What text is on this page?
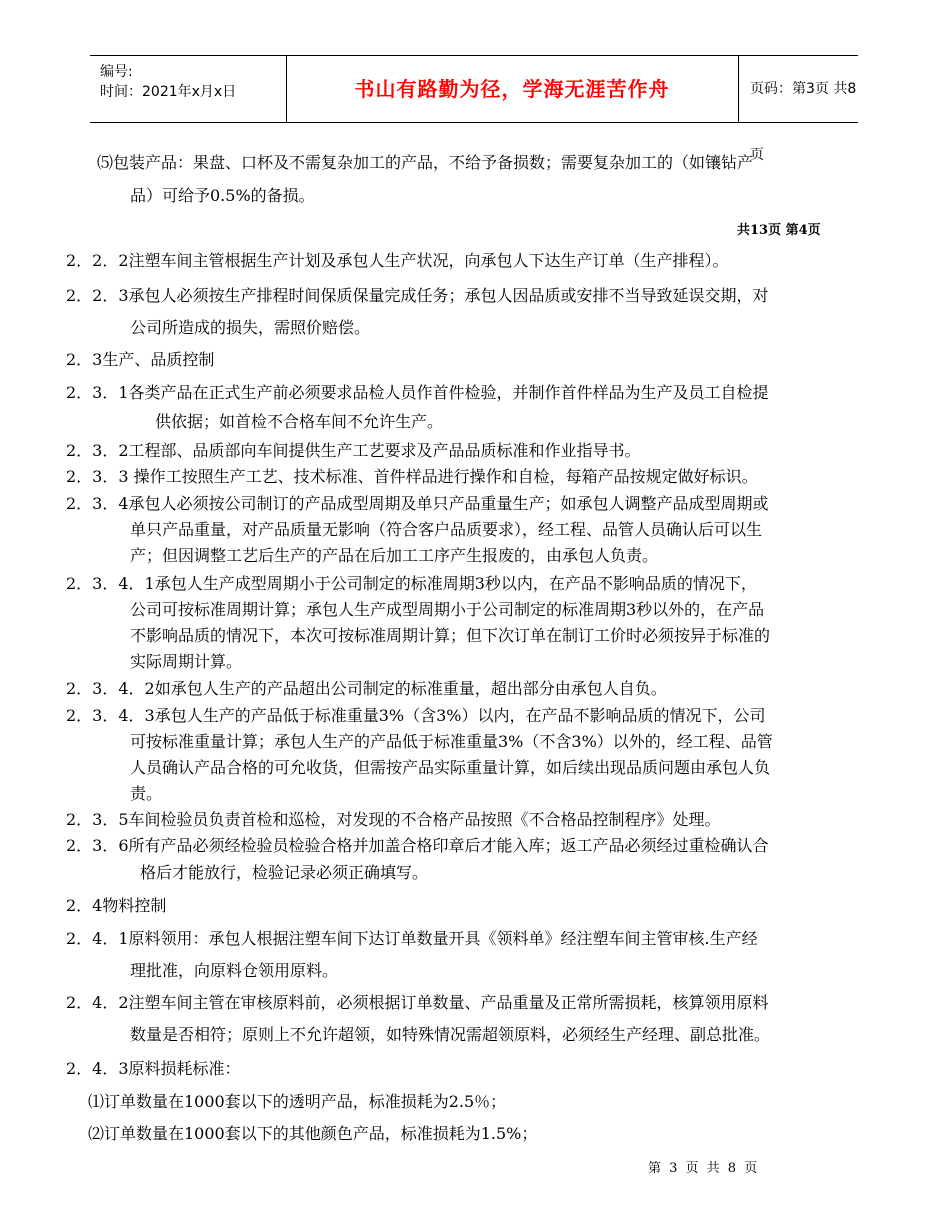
编号:
时间：2021年x月x日	书山有路勤为径，学海无涯苦作舟	页码：第3页 共8页
⑸包装产品：果盘、口杯及不需复杂加工的产品，不给予备损数；需要复杂加工的（如镶钻产
品）可给予0.5%的备损。
共13页 第4页
2．2．2注塑车间主管根据生产计划及承包人生产状况，向承包人下达生产订单（生产排程）。
2．2．3承包人必须按生产排程时间保质保量完成任务；承包人因品质或安排不当导致延误交期，对
公司所造成的损失，需照价赔偿。
2．3生产、品质控制
2．3．1各类产品在正式生产前必须要求品检人员作首件检验，并制作首件样品为生产及员工自检提
供依据；如首检不合格车间不允许生产。
2．3．2工程部、品质部向车间提供生产工艺要求及产品品质标准和作业指导书。
2．3．3 操作工按照生产工艺、技术标准、首件样品进行操作和自检，每箱产品按规定做好标识。
2．3．4承包人必须按公司制订的产品成型周期及单只产品重量生产；如承包人调整产品成型周期或
单只产品重量，对产品质量无影响（符合客户品质要求），经工程、品管人员确认后可以生
产；但因调整工艺后生产的产品在后加工工序产生报废的，由承包人负责。
2．3．4．1承包人生产成型周期小于公司制定的标准周期3秒以内，在产品不影响品质的情况下，
公司可按标准周期计算；承包人生产成型周期小于公司制定的标准周期3秒以外的，在产品
不影响品质的情况下，本次可按标准周期计算；但下次订单在制订工价时必须按异于标准的
实际周期计算。
2．3．4．2如承包人生产的产品超出公司制定的标准重量，超出部分由承包人自负。
2．3．4．3承包人生产的产品低于标准重量3%（含3%）以内，在产品不影响品质的情况下，公司
可按标准重量计算；承包人生产的产品低于标准重量3%（不含3%）以外的，经工程、品管
人员确认产品合格的可允收货，但需按产品实际重量计算，如后续出现品质问题由承包人负
责。
2．3．5车间检验员负责首检和巡检，对发现的不合格产品按照《不合格品控制程序》处理。
2．3．6所有产品必须经检验员检验合格并加盖合格印章后才能入库；返工产品必须经过重检确认合
格后才能放行，检验记录必须正确填写。
2．4物料控制
2．4．1原料领用：承包人根据注塑车间下达订单数量开具《领料单》经注塑车间主管审核.生产经
理批准，向原料仓领用原料。
2．4．2注塑车间主管在审核原料前，必须根据订单数量、产品重量及正常所需损耗，核算领用原料
数量是否相符；原则上不允许超领，如特殊情况需超领原料，必须经生产经理、副总批准。
2．4．3原料损耗标准：
⑴订单数量在1000套以下的透明产品，标准损耗为2.5％；
⑵订单数量在1000套以下的其他颜色产品，标准损耗为1.5%；
第 3 页 共 8 页
